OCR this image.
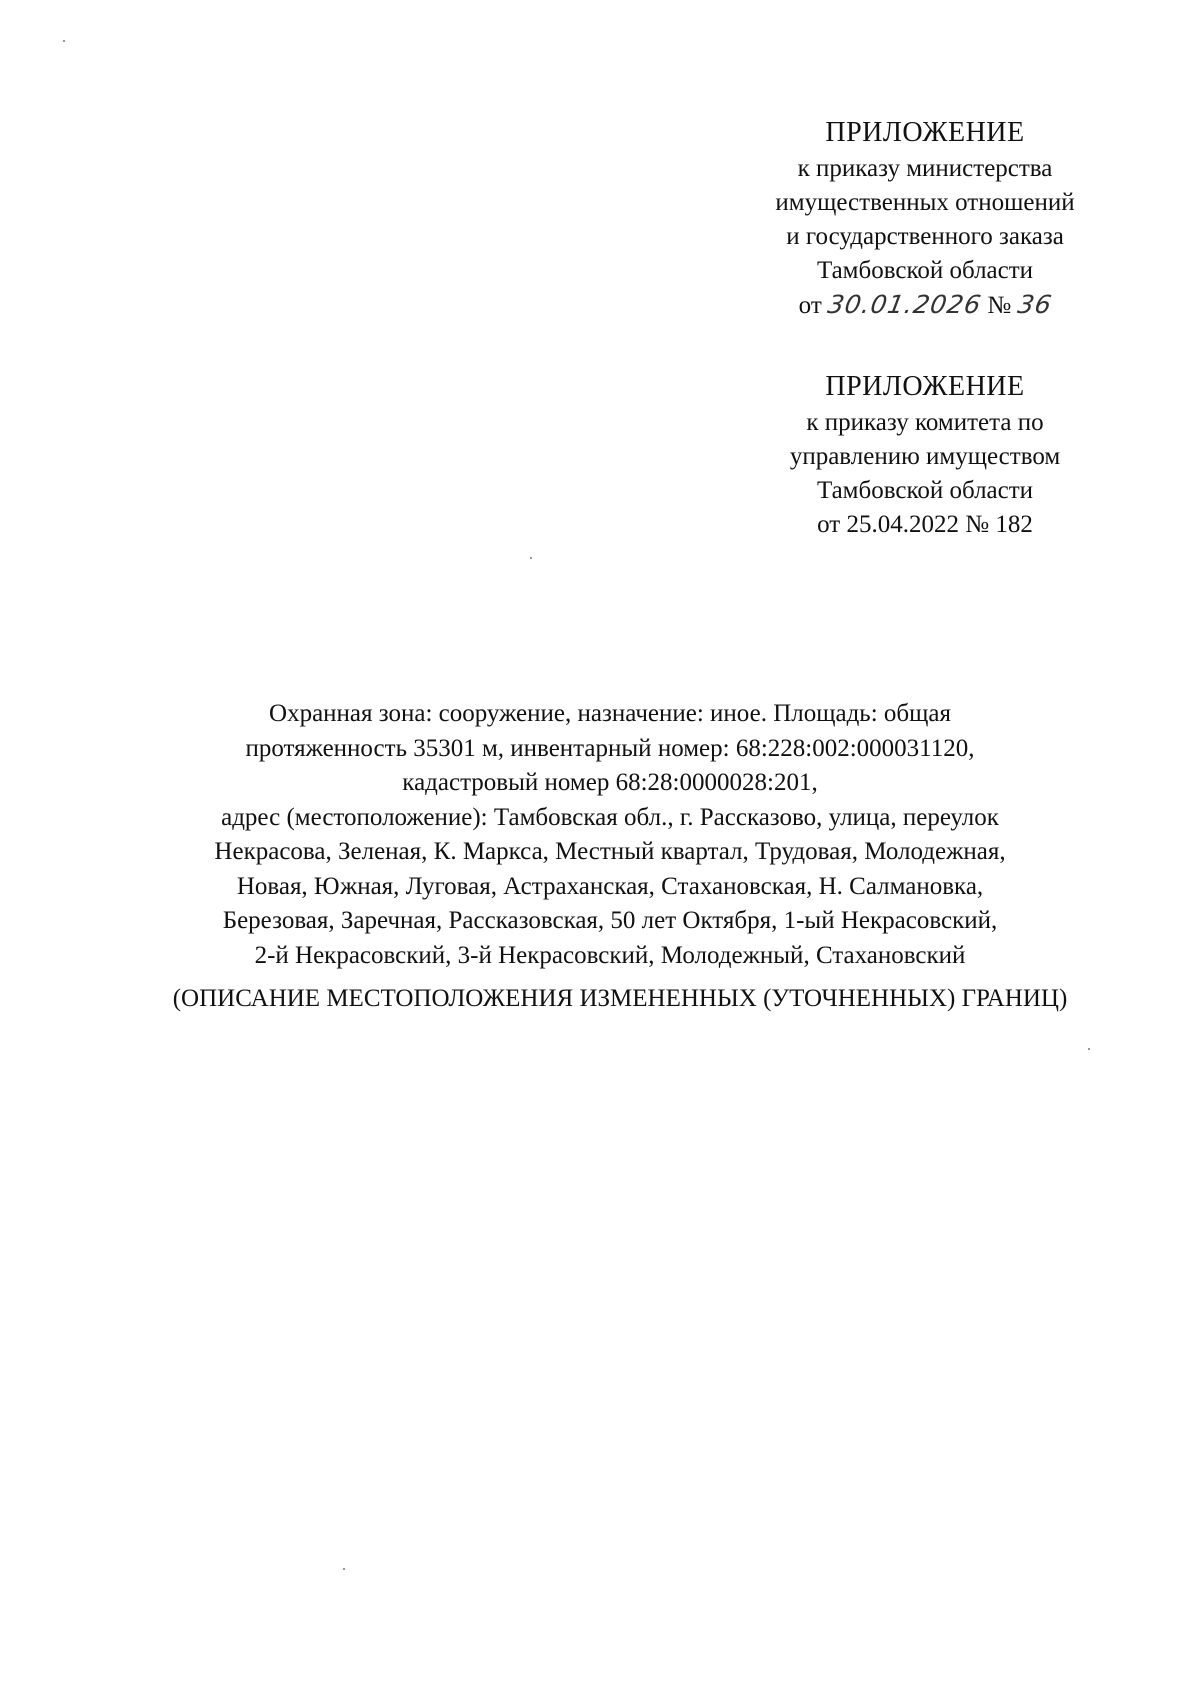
ПРИЛОЖЕНИЕ
к приказу министерства
имущественных отношений
и государственного заказа
Тамбовской области
от 30.01.2026 № 36
ПРИЛОЖЕНИЕ
к приказу комитета по
управлению имуществом
Тамбовской области
от 25.04.2022 № 182

Охранная зона: сооружение, назначение: иное. Площадь: общая

протяженность 35301 м, инвентарный номер: 68:228:002:000031120,

кадастровый номер 68:28:0000028:201,

адрес (местоположение): Тамбовская обл., г. Рассказово, улица, переулок

Некрасова, Зеленая, К. Маркса, Местный квартал, Трудовая, Молодежная,

Новая, Южная, Луговая, Астраханская, Стахановская, Н. Салмановка,

Березовая, Заречная, Рассказовская, 50 лет Октября, 1-ый Некрасовский,

2-й Некрасовский, 3-й Некрасовский, Молодежный, Стахановский

(ОПИСАНИЕ МЕСТОПОЛОЖЕНИЯ ИЗМЕНЕННЫХ (УТОЧНЕННЫХ) ГРАНИЦ)
